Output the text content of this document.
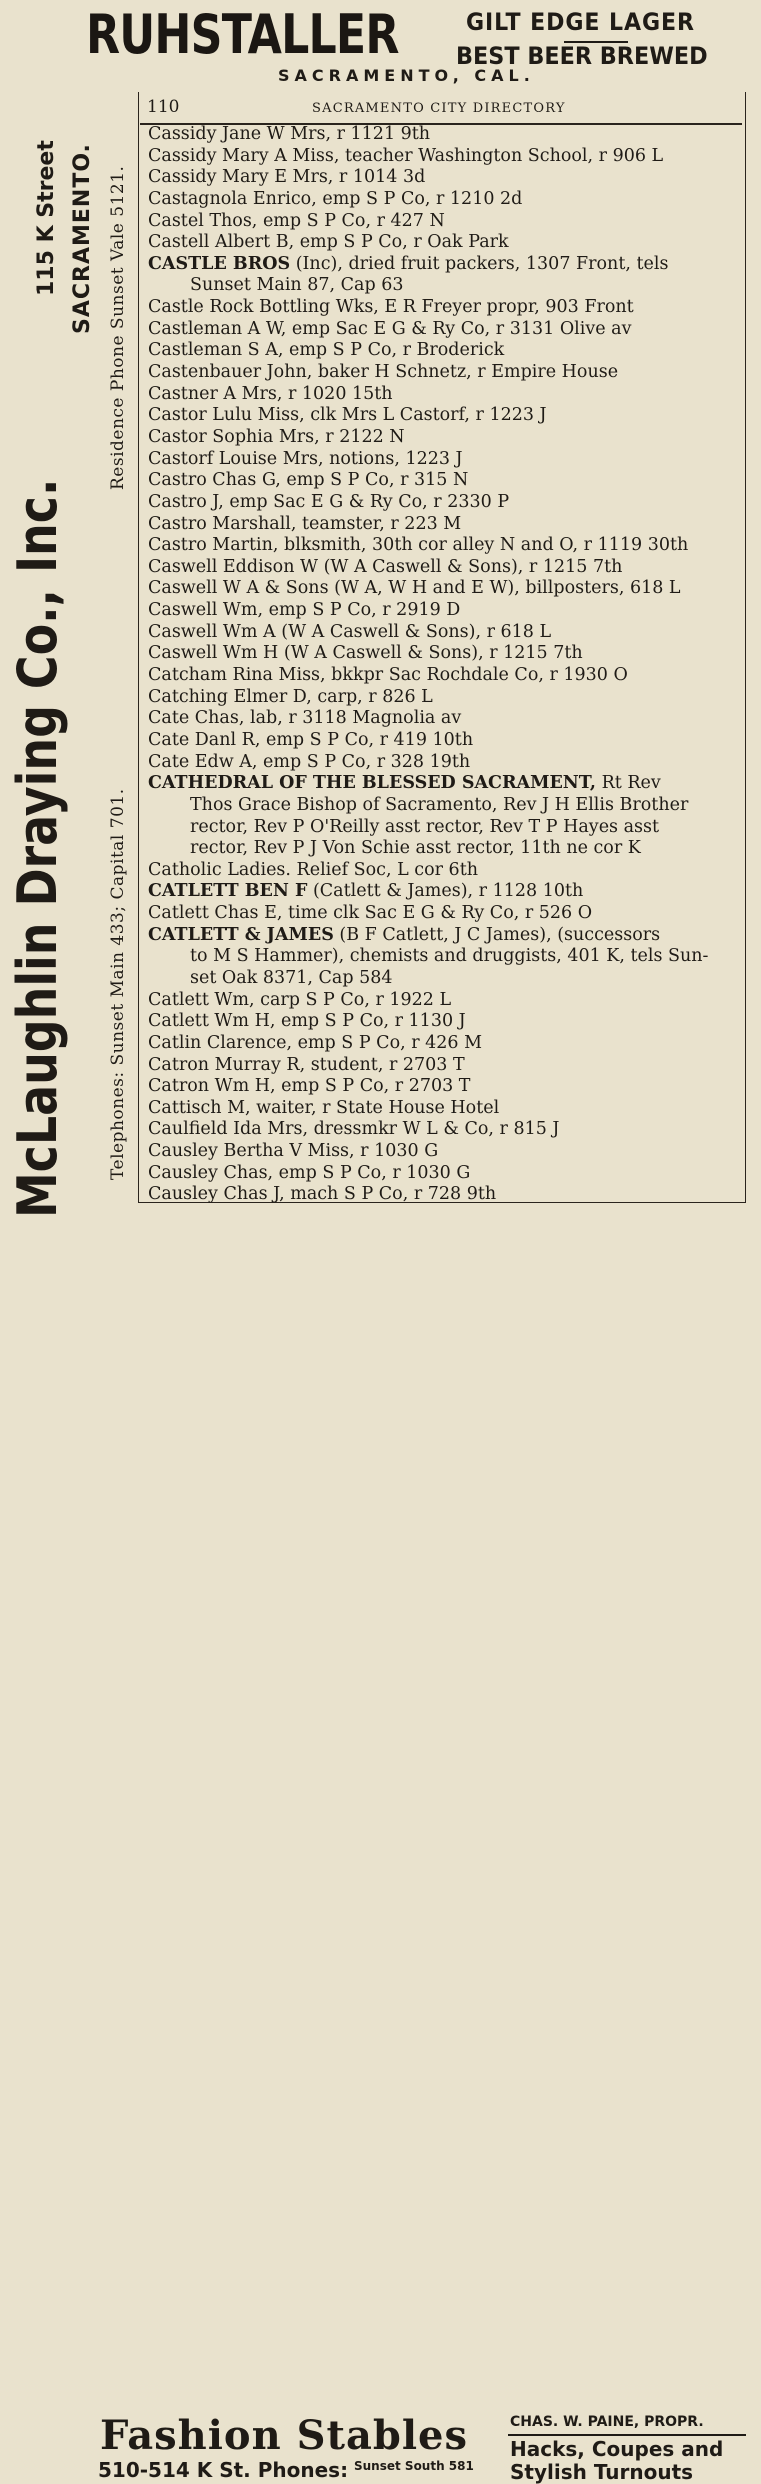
RUHSTALLER	GILT EDGE LAGER
BEST BEER BREWED
SACRAMENTO, CAL.
McLaughlin Draying Co., Inc. Telephones: Sunset Main 433; Capital 701.
Residence Phone Sunset Vale 5121.
115 K Street SACRAMENTO.
110	SACRAMENTO CITY DIRECTORY
Cassidy Jane W Mrs, r 1121 9th
Cassidy Mary A Miss, teacher Washington School, r 906 L
Cassidy Mary E Mrs, r 1014 3d
Castagnola Enrico, emp S P Co, r 1210 2d
Castel Thos, emp S P Co, r 427 N
Castell Albert B, emp S P Co, r Oak Park
CASTLE BROS (Inc), dried fruit packers, 1307 Front, tels
Sunset Main 87, Cap 63
Castle Rock Bottling Wks, E R Freyer propr, 903 Front
Castleman A W, emp Sac E G & Ry Co, r 3131 Olive av
Castleman S A, emp S P Co, r Broderick
Castenbauer John, baker H Schnetz, r Empire House
Castner A Mrs, r 1020 15th
Castor Lulu Miss, clk Mrs L Castorf, r 1223 J
Castor Sophia Mrs, r 2122 N
Castorf Louise Mrs, notions, 1223 J
Castro Chas G, emp S P Co, r 315 N
Castro J, emp Sac E G & Ry Co, r 2330 P
Castro Marshall, teamster, r 223 M
Castro Martin, blksmith, 30th cor alley N and O, r 1119 30th
Caswell Eddison W (W A Caswell & Sons), r 1215 7th
Caswell W A & Sons (W A, W H and E W), billposters, 618 L
Caswell Wm, emp S P Co, r 2919 D
Caswell Wm A (W A Caswell & Sons), r 618 L
Caswell Wm H (W A Caswell & Sons), r 1215 7th
Catcham Rina Miss, bkkpr Sac Rochdale Co, r 1930 O
Catching Elmer D, carp, r 826 L
Cate Chas, lab, r 3118 Magnolia av
Cate Danl R, emp S P Co, r 419 10th
Cate Edw A, emp S P Co, r 328 19th
CATHEDRAL OF THE BLESSED SACRAMENT, Rt Rev
Thos Grace Bishop of Sacramento, Rev J H Ellis Brother
rector, Rev P O'Reilly asst rector, Rev T P Hayes asst
rector, Rev P J Von Schie asst rector, 11th ne cor K
Catholic Ladies. Relief Soc, L cor 6th
CATLETT BEN F (Catlett & James), r 1128 10th
Catlett Chas E, time clk Sac E G & Ry Co, r 526 O
CATLETT & JAMES (B F Catlett, J C James), (successors
to M S Hammer), chemists and druggists, 401 K, tels Sun-
set Oak 8371, Cap 584
Catlett Wm, carp S P Co, r 1922 L
Catlett Wm H, emp S P Co, r 1130 J
Catlin Clarence, emp S P Co, r 426 M
Catron Murray R, student, r 2703 T
Catron Wm H, emp S P Co, r 2703 T
Cattisch M, waiter, r State House Hotel
Caulfield Ida Mrs, dressmkr W L & Co, r 815 J
Causley Bertha V Miss, r 1030 G
Causley Chas, emp S P Co, r 1030 G
Causley Chas J, mach S P Co, r 728 9th
Fashion Stables
510-514 K St. Phones: Sunset South 581
CHAS. W. PAINE, PROPR.
Hacks, Coupes and
Stylish Turnouts
